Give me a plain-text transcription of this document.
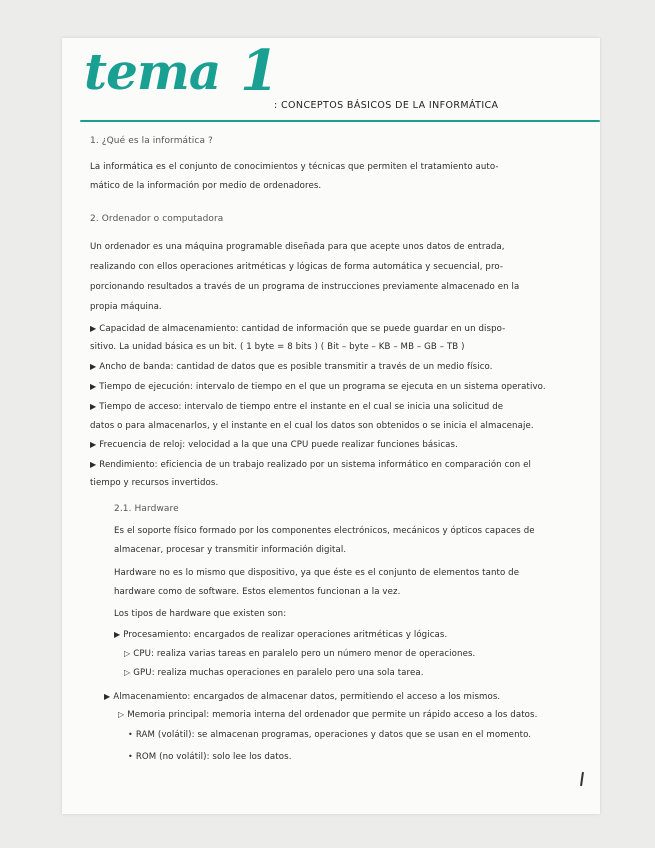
tema 1
: CONCEPTOS BÁSICOS DE LA INFORMÁTICA
1. ¿Qué es la informática ?
La informática es el conjunto de conocimientos y técnicas que permiten el tratamiento auto-
mático de la información por medio de ordenadores.
2. Ordenador o computadora
Un ordenador es una máquina programable diseñada para que acepte unos datos de entrada,
realizando con ellos operaciones aritméticas y lógicas de forma automática y secuencial, pro-
porcionando resultados a través de un programa de instrucciones previamente almacenado en la
propia máquina.
▶ Capacidad de almacenamiento: cantidad de información que se puede guardar en un dispo-
sitivo. La unidad básica es un bit. ( 1 byte = 8 bits ) ( Bit – byte – KB – MB – GB – TB )
▶ Ancho de banda: cantidad de datos que es posible transmitir a través de un medio físico.
▶ Tiempo de ejecución: intervalo de tiempo en el que un programa se ejecuta en un sistema operativo.
▶ Tiempo de acceso: intervalo de tiempo entre el instante en el cual se inicia una solicitud de
datos o para almacenarlos, y el instante en el cual los datos son obtenidos o se inicia el almacenaje.
▶ Frecuencia de reloj: velocidad a la que una CPU puede realizar funciones básicas.
▶ Rendimiento: eficiencia de un trabajo realizado por un sistema informático en comparación con el
tiempo y recursos invertidos.
2.1. Hardware
Es el soporte físico formado por los componentes electrónicos, mecánicos y ópticos capaces de
almacenar, procesar y transmitir información digital.
Hardware no es lo mismo que dispositivo, ya que éste es el conjunto de elementos tanto de
hardware como de software. Estos elementos funcionan a la vez.
Los tipos de hardware que existen son:
▶ Procesamiento: encargados de realizar operaciones aritméticas y lógicas.
▷ CPU: realiza varias tareas en paralelo pero un número menor de operaciones.
▷ GPU: realiza muchas operaciones en paralelo pero una sola tarea.
▶ Almacenamiento: encargados de almacenar datos, permitiendo el acceso a los mismos.
▷ Memoria principal: memoria interna del ordenador que permite un rápido acceso a los datos.
• RAM (volátil): se almacenan programas, operaciones y datos que se usan en el momento.
• ROM (no volátil): solo lee los datos.
